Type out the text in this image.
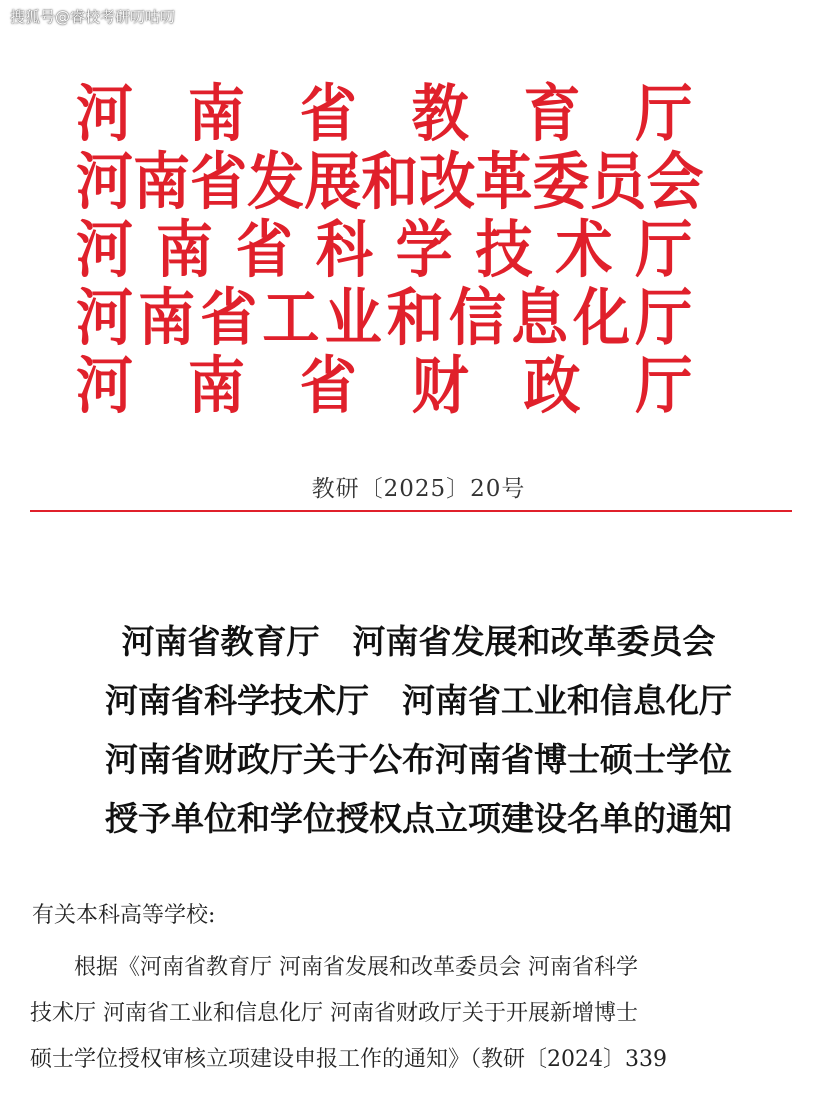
搜狐号@睿校考研叨咕叨
河 南 省 教 育 厅
河 南 省 发 展 和 改 革 委 员 会
河 南 省 科 学 技 术 厅
河 南 省 工 业 和 信 息 化 厅
河 南 省 财 政 厅
教研〔2025〕20号
河南省教育厅　河南省发展和改革委员会
河南省科学技术厅　河南省工业和信息化厅
河南省财政厅关于公布河南省博士硕士学位
授予单位和学位授权点立项建设名单的通知
有关本科高等学校:
　　根据《河南省教育厅 河南省发展和改革委员会 河南省科学
技术厅 河南省工业和信息化厅 河南省财政厅关于开展新增博士
硕士学位授权审核立项建设申报工作的通知》（教研〔2024〕339
